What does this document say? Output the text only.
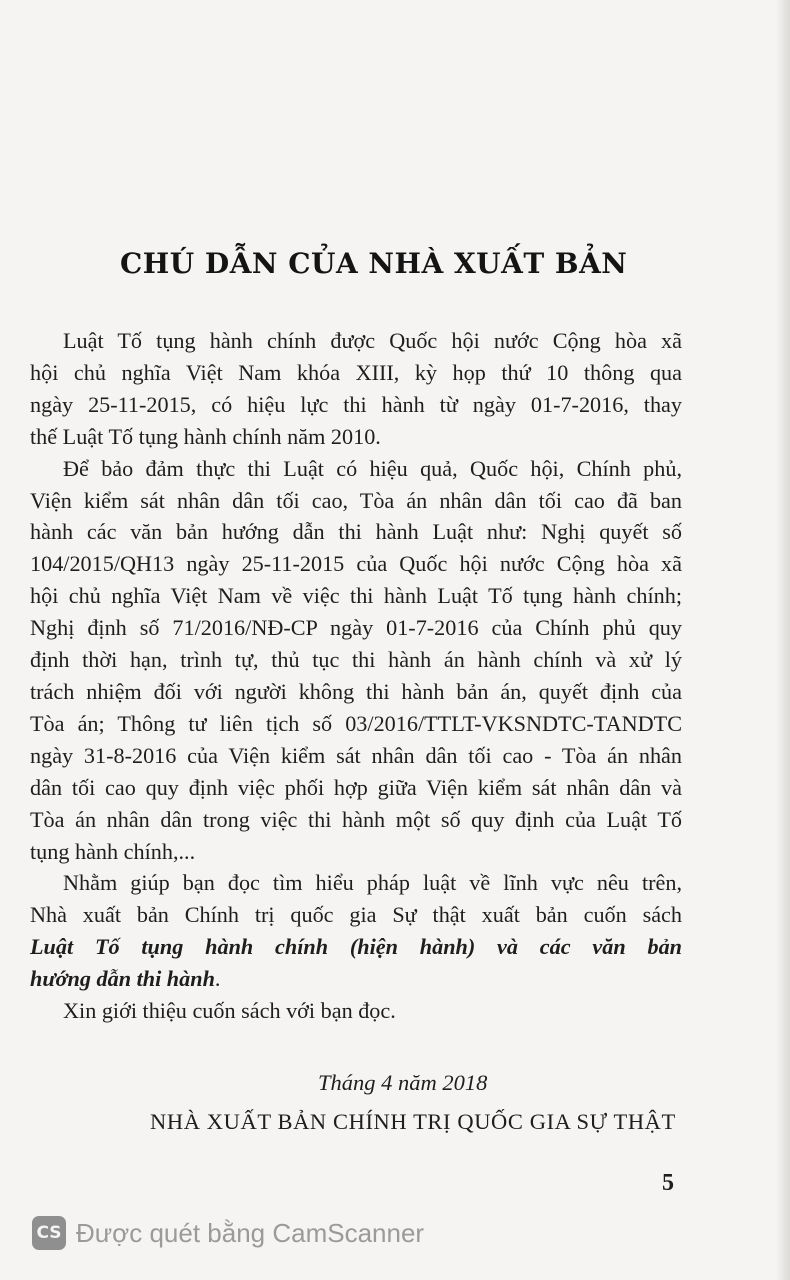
CHÚ DẪN CỦA NHÀ XUẤT BẢN
Luật Tố tụng hành chính được Quốc hội nước Cộng hòa xã
hội chủ nghĩa Việt Nam khóa XIII, kỳ họp thứ 10 thông qua
ngày 25-11-2015, có hiệu lực thi hành từ ngày 01-7-2016, thay
thế Luật Tố tụng hành chính năm 2010.
Để bảo đảm thực thi Luật có hiệu quả, Quốc hội, Chính phủ,
Viện kiểm sát nhân dân tối cao, Tòa án nhân dân tối cao đã ban
hành các văn bản hướng dẫn thi hành Luật như: Nghị quyết số
104/2015/QH13 ngày 25-11-2015 của Quốc hội nước Cộng hòa xã
hội chủ nghĩa Việt Nam về việc thi hành Luật Tố tụng hành chính;
Nghị định số 71/2016/NĐ-CP ngày 01-7-2016 của Chính phủ quy
định thời hạn, trình tự, thủ tục thi hành án hành chính và xử lý
trách nhiệm đối với người không thi hành bản án, quyết định của
Tòa án; Thông tư liên tịch số 03/2016/TTLT-VKSNDTC-TANDTC
ngày 31-8-2016 của Viện kiểm sát nhân dân tối cao - Tòa án nhân
dân tối cao quy định việc phối hợp giữa Viện kiểm sát nhân dân và
Tòa án nhân dân trong việc thi hành một số quy định của Luật Tố
tụng hành chính,...
Nhằm giúp bạn đọc tìm hiểu pháp luật về lĩnh vực nêu trên,
Nhà xuất bản Chính trị quốc gia Sự thật xuất bản cuốn sách
Luật Tố tụng hành chính (hiện hành) và các văn bản
hướng dẫn thi hành.
Xin giới thiệu cuốn sách với bạn đọc.
Tháng 4 năm 2018
NHÀ XUẤT BẢN CHÍNH TRỊ QUỐC GIA SỰ THẬT
5
CS Được quét bằng CamScanner
